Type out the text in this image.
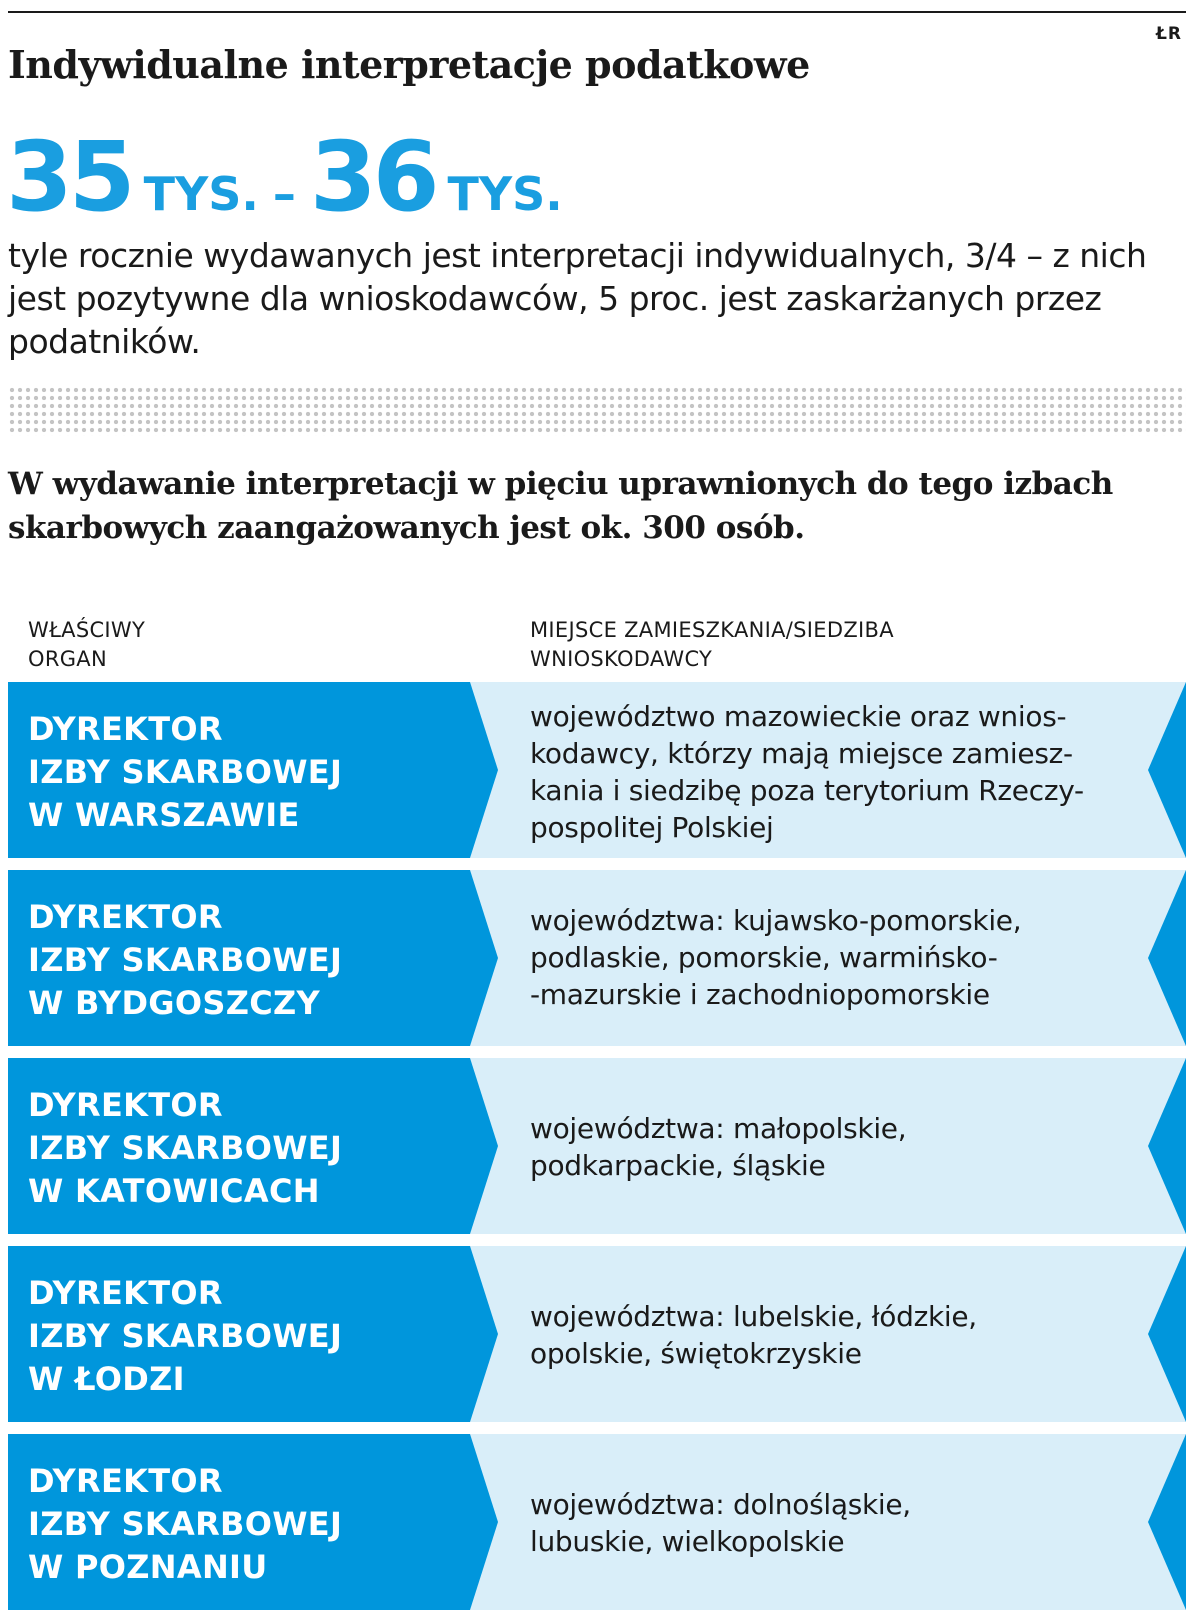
ŁR
Indywidualne interpretacje podatkowe
35 TYS. – 36 TYS.

tyle rocznie wydawanych jest interpretacji indywidualnych, 3/4 – z nich jest pozytywne dla wnioskodawców, 5 proc. jest zaskarżanych przez podatników.

W wydawanie interpretacji w pięciu uprawnionych do tego izbach skarbowych zaangażowanych jest ok. 300 osób.

WŁAŚCIWY
ORGAN
MIEJSCE ZAMIESZKANIA/SIEDZIBA
WNIOSKODAWCY

DYREKTOR
IZBY SKARBOWEJ
W WARSZAWIE

województwo mazowieckie oraz wnios-
kodawcy, którzy mają miejsce zamiesz-
kania i siedzibę poza terytorium Rzeczy-
pospolitej Polskiej

DYREKTOR
IZBY SKARBOWEJ
W BYDGOSZCZY

województwa: kujawsko-pomorskie,
podlaskie, pomorskie, warmińsko-
-mazurskie i zachodniopomorskie

DYREKTOR
IZBY SKARBOWEJ
W KATOWICACH

województwa: małopolskie,
podkarpackie, śląskie

DYREKTOR
IZBY SKARBOWEJ
W ŁODZI

województwa: lubelskie, łódzkie,
opolskie, świętokrzyskie

DYREKTOR
IZBY SKARBOWEJ
W POZNANIU

województwa: dolnośląskie,
lubuskie, wielkopolskie
